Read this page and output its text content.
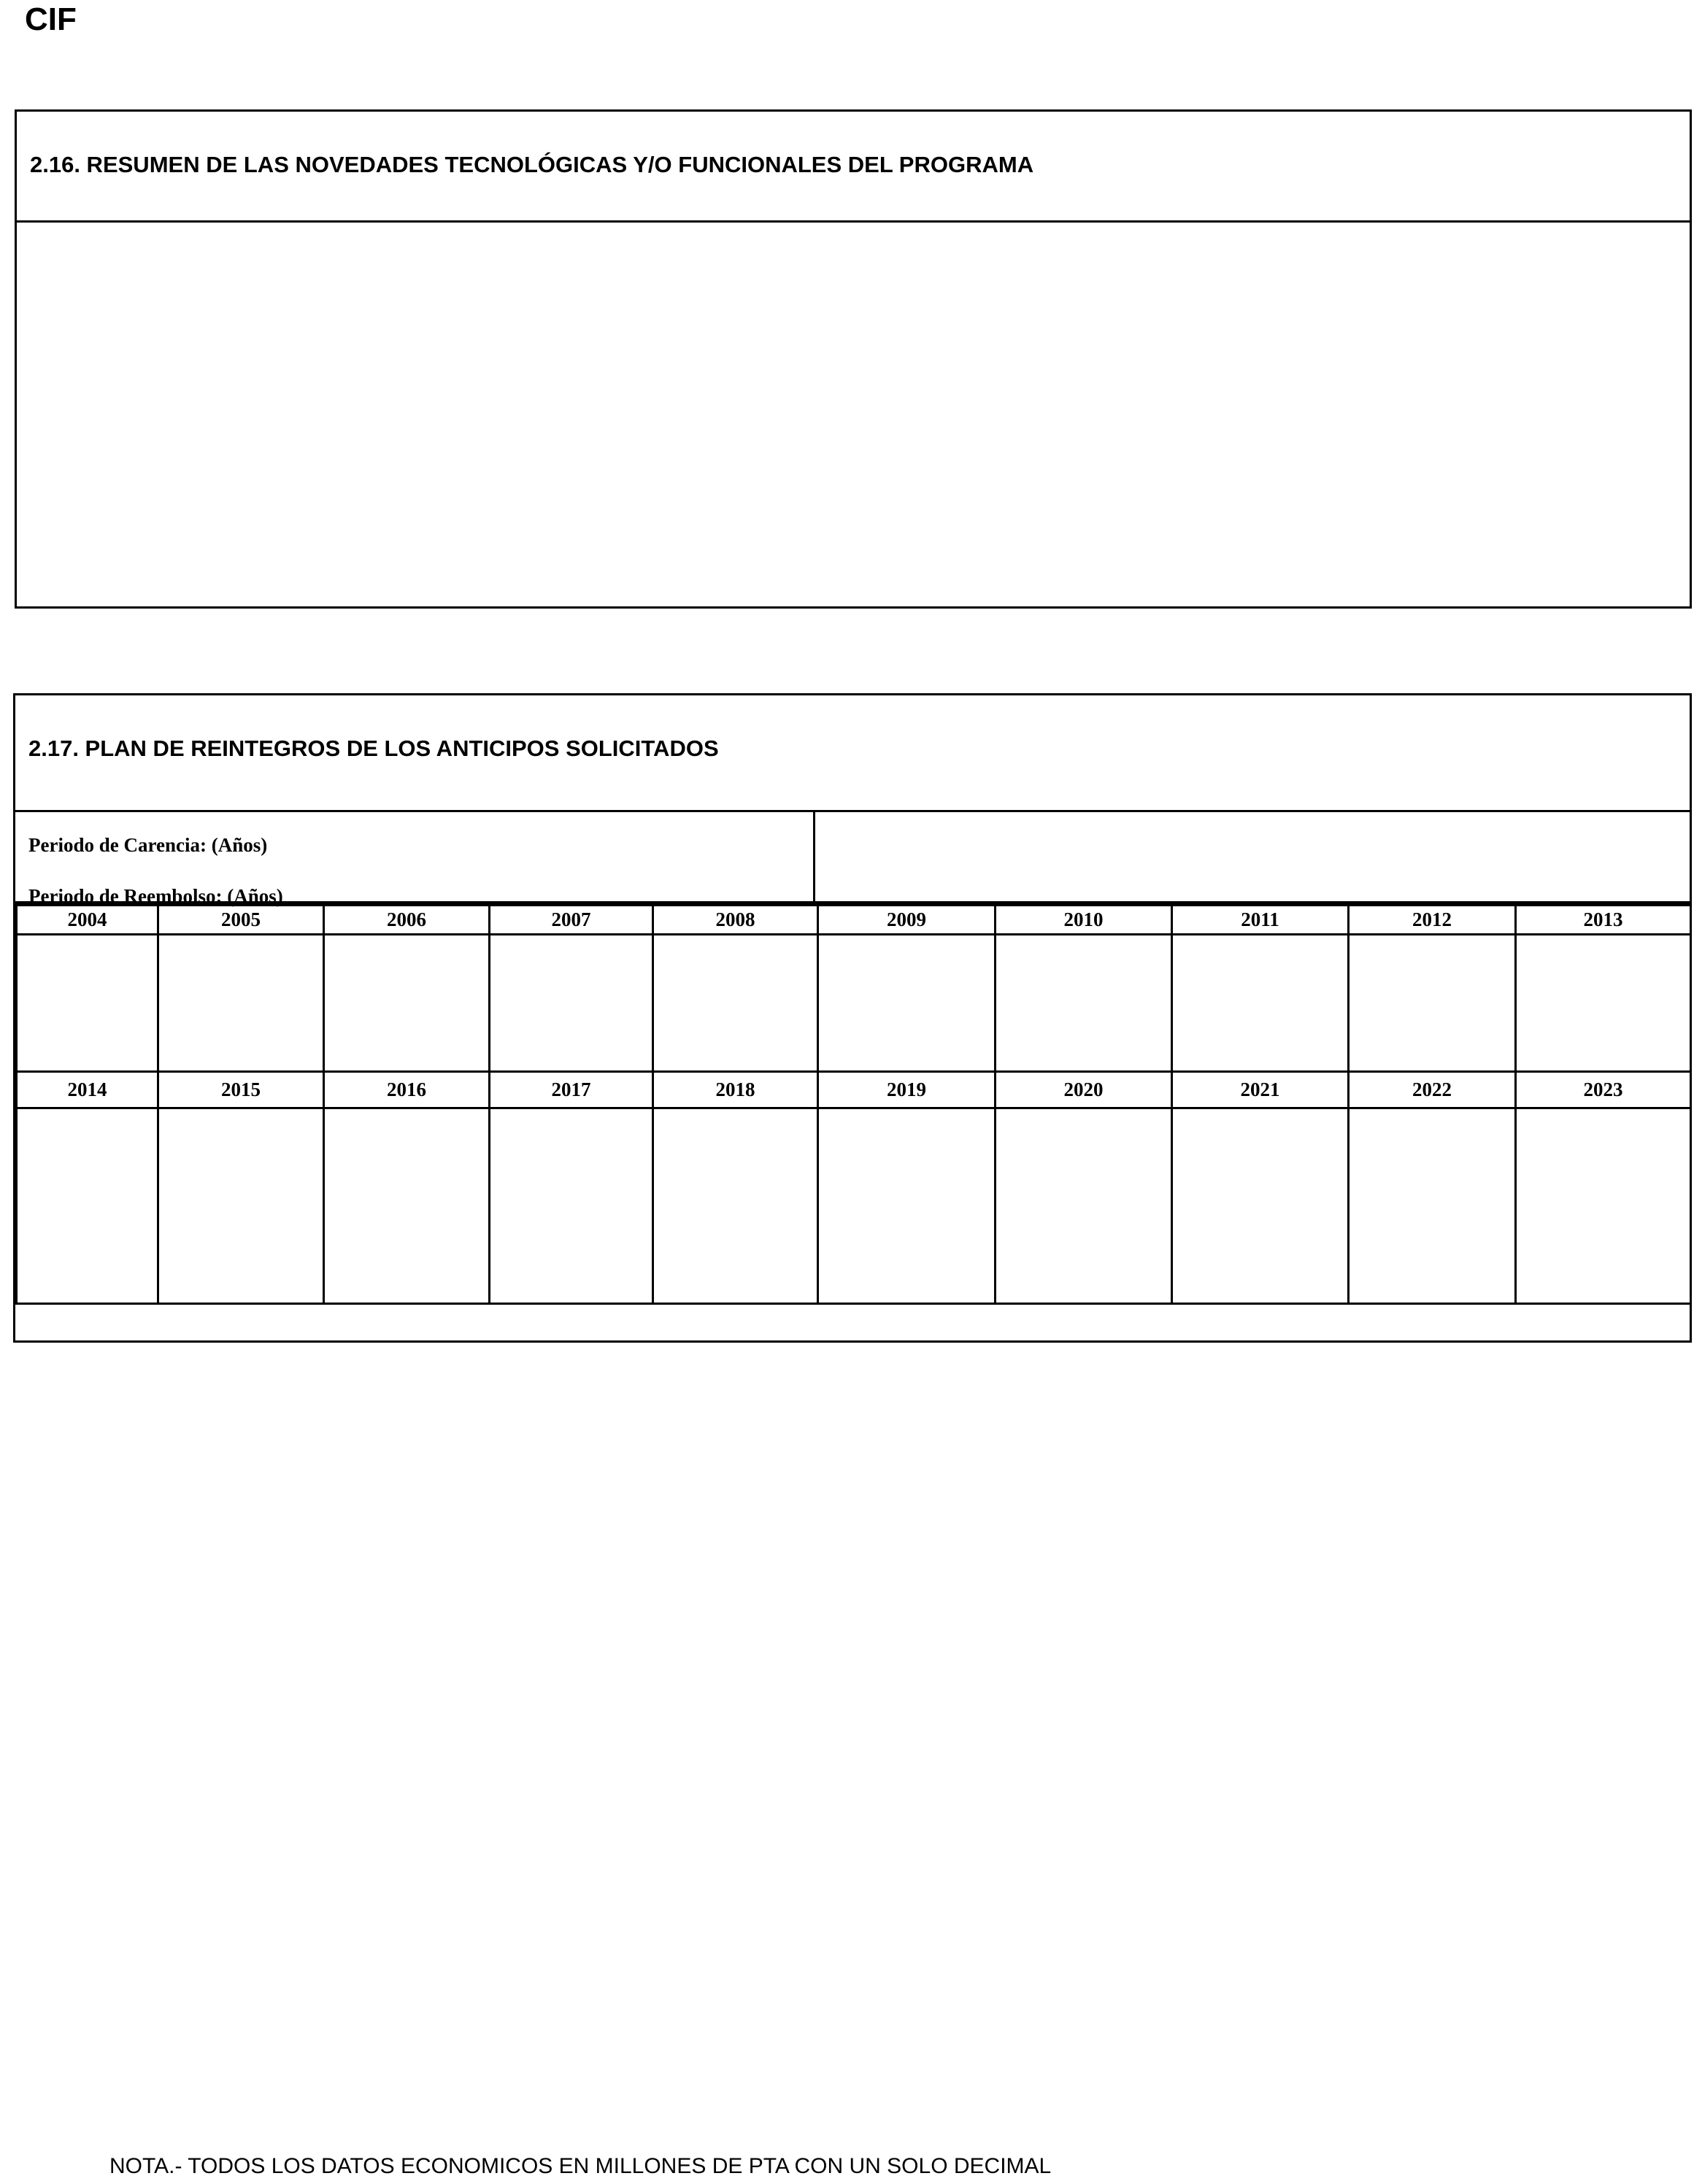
CIF
2.16. RESUMEN DE LAS NOVEDADES TECNOLÓGICAS Y/O FUNCIONALES DEL PROGRAMA
2.17. PLAN DE REINTEGROS DE LOS ANTICIPOS SOLICITADOS
Periodo de Carencia: (Años)
Periodo de Reembolso: (Años)
2004	2005	2006	2007	2008	2009	2010	2011	2012	2013

2014	2015	2016	2017	2018	2019	2020	2021	2022	2023

NOTA.- TODOS LOS DATOS ECONOMICOS EN MILLONES DE PTA CON UN SOLO DECIMAL
